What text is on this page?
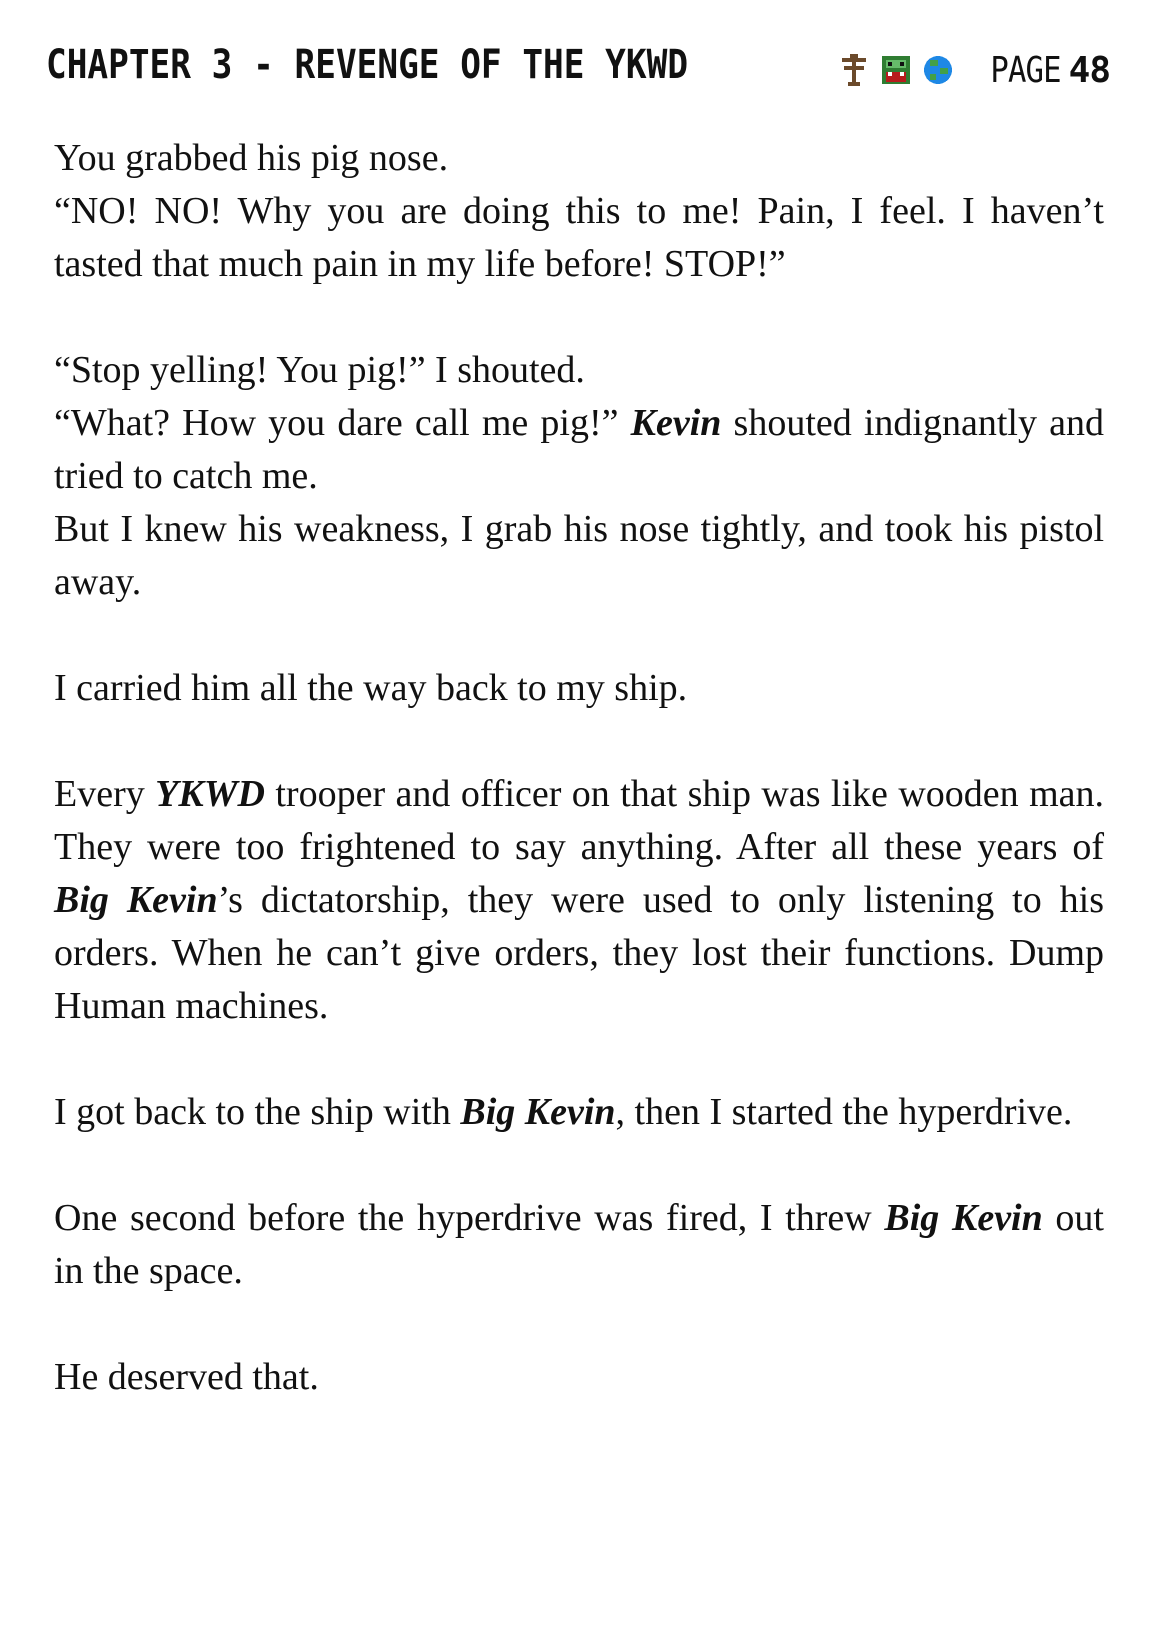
CHAPTER 3 - REVENGE OF THE YKWD	PAGE 48

You grabbed his pig nose.

“NO! NO! Why you are doing this to me! Pain, I feel. I haven’t tasted that much pain in my life before! STOP!”

“Stop yelling! You pig!” I shouted.

“What? How you dare call me pig!” Kevin shouted indignantly and tried to catch me.

But I knew his weakness, I grab his nose tightly, and took his pistol away.

I carried him all the way back to my ship.

Every YKWD trooper and officer on that ship was like wooden man. They were too frightened to say anything. After all these years of Big Kevin’s dictatorship, they were used to only listening to his orders. When he can’t give orders, they lost their functions. Dump Human machines.

I got back to the ship with Big Kevin, then I started the hyperdrive.

One second before the hyperdrive was fired, I threw Big Kevin out in the space.

He deserved that.
